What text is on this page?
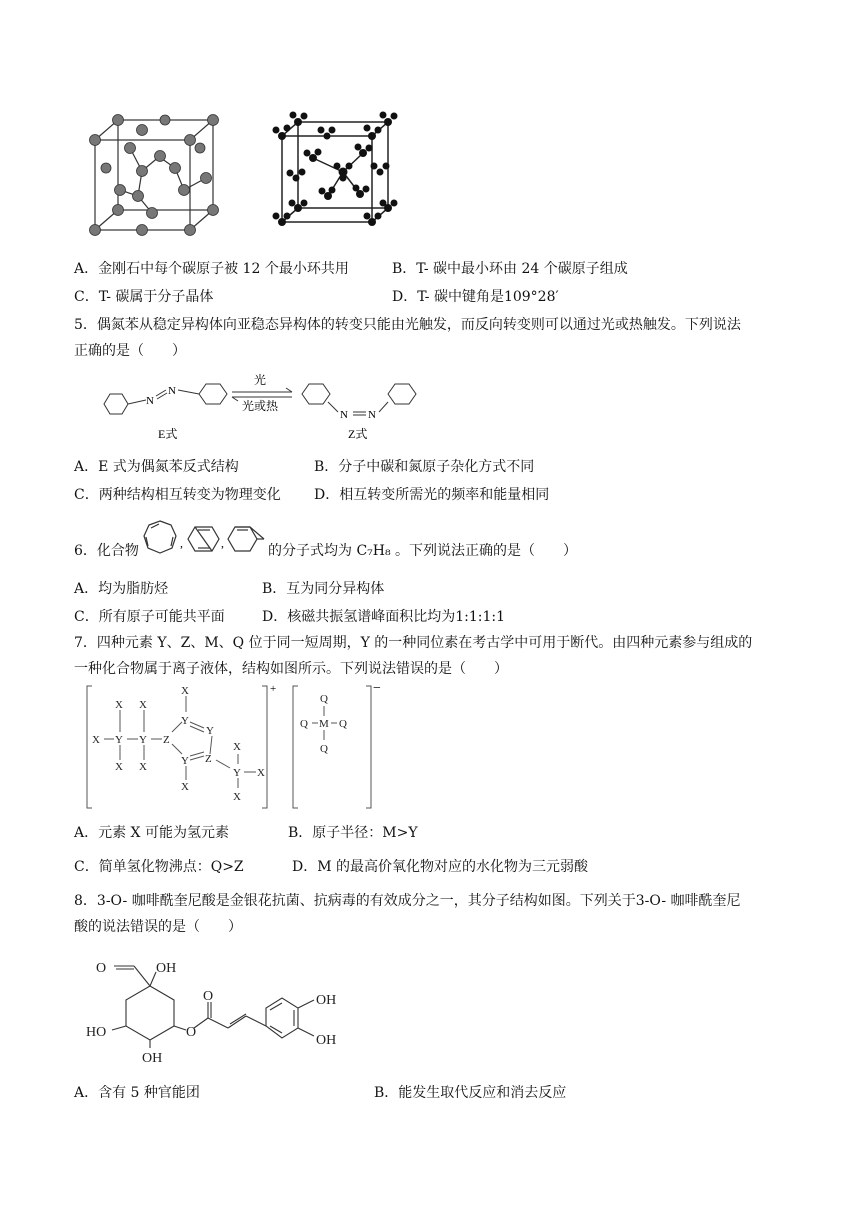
A．金刚石中每个碳原子被 12 个最小环共用	B．T- 碳中最小环由 24 个碳原子组成
C．T- 碳属于分子晶体	D．T- 碳中键角是109°28′
5．偶氮苯从稳定异构体向亚稳态异构体的转变只能由光触发，而反向转变则可以通过光或热触发。下列说法
正确的是（　　）
N
N
N N
光
光或热
E式	Z式
A．E 式为偶氮苯反式结构	B．分子中碳和氮原子杂化方式不同
C．两种结构相互转变为物理变化 D．相互转变所需光的频率和能量相同
6．化合物	,	,	的分子式均为 C₇H₈ 。下列说法正确的是（　　）
A．均为脂肪烃	B．互为同分异构体
C．所有原子可能共平面	D．核磁共振氢谱峰面积比均为1:1:1:1
7．四种元素 Y、Z、M、Q 位于同一短周期，Y 的一种同位素在考古学中可用于断代。由四种元素参与组成的
一种化合物属于离子液体，结构如图所示。下列说法错误的是（　　）
X Y Y Z
X
X
X
X
X
Y
Y
Y Z
X
X
Y X
X
Q
Q M Q
Q
+	−
A．元素 X 可能为氢元素	B．原子半径：M>Y
C．简单氢化物沸点：Q>Z	D．M 的最高价氧化物对应的水化物为三元弱酸
8．3-O- 咖啡酰奎尼酸是金银花抗菌、抗病毒的有效成分之一，其分子结构如图。下列关于3-O- 咖啡酰奎尼
酸的说法错误的是（　　）
O	OH
HO
OH
O
O	OH
OH
A．含有 5 种官能团	B．能发生取代反应和消去反应
